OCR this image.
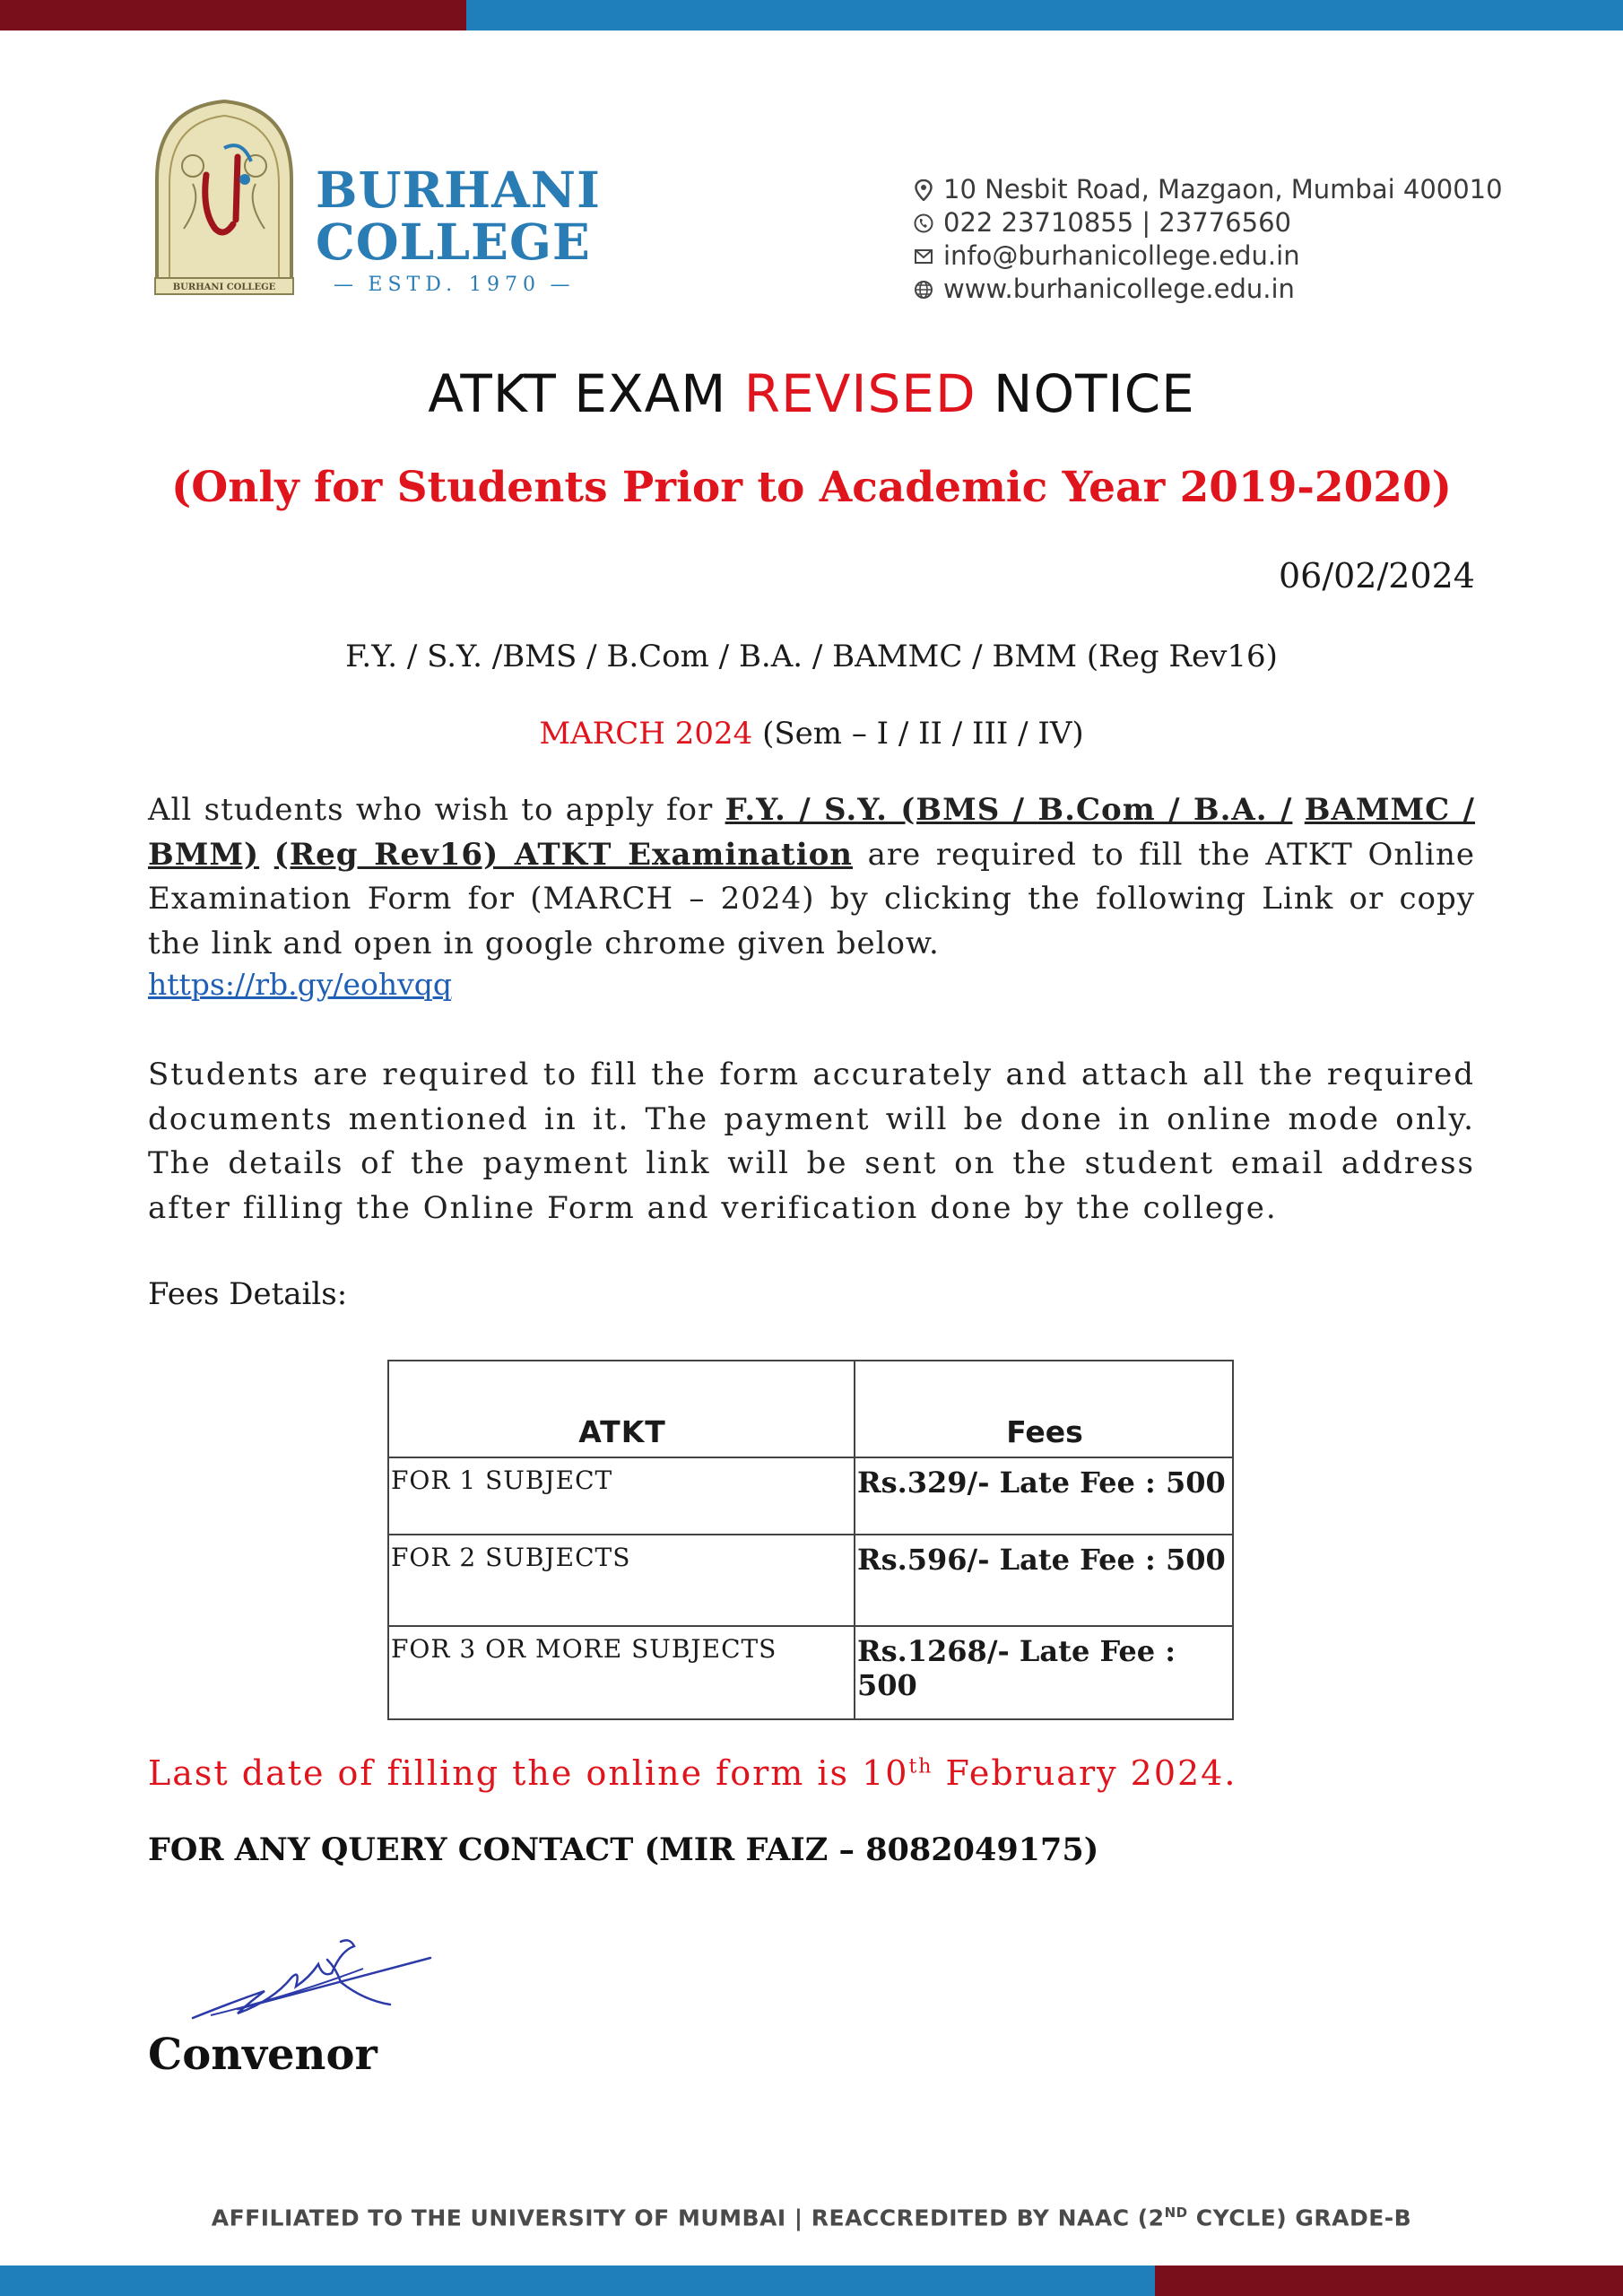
BURHANI COLLEGE
BURHANI
COLLEGE
— ESTD. 1970 —
10 Nesbit Road, Mazgaon, Mumbai 400010
022 23710855 | 23776560
info@burhanicollege.edu.in
www.burhanicollege.edu.in
ATKT EXAM REVISED NOTICE
(Only for Students Prior to Academic Year 2019-2020)
06/02/2024
F.Y. / S.Y. /BMS / B.Com / B.A. / BAMMC / BMM (Reg Rev16)
MARCH 2024 (Sem – I / II / III / IV)
All students who wish to apply for F.Y. / S.Y. (BMS / B.Com / B.A. / BAMMC / BMM) (Reg Rev16) ATKT Examination are required to fill the ATKT Online Examination Form for (MARCH – 2024) by clicking the following Link or copy the link and open in google chrome given below.
https://rb.gy/eohvqq
Students are required to fill the form accurately and attach all the required documents mentioned in it. The payment will be done in online mode only. The details of the payment link will be sent on the student email address after filling the Online Form and verification done by the college.
Fees Details:
ATKT	Fees

FOR 1 SUBJECT	Rs.329/- Late Fee : 500

FOR 2 SUBJECTS	Rs.596/- Late Fee : 500

FOR 3 OR MORE SUBJECTS	Rs.1268/- Late Fee : 500
Last date of filling the online form is 10th February 2024.
FOR ANY QUERY CONTACT (MIR FAIZ – 8082049175)
Convenor
AFFILIATED TO THE UNIVERSITY OF MUMBAI | REACCREDITED BY NAAC (2ND CYCLE) GRADE-B
